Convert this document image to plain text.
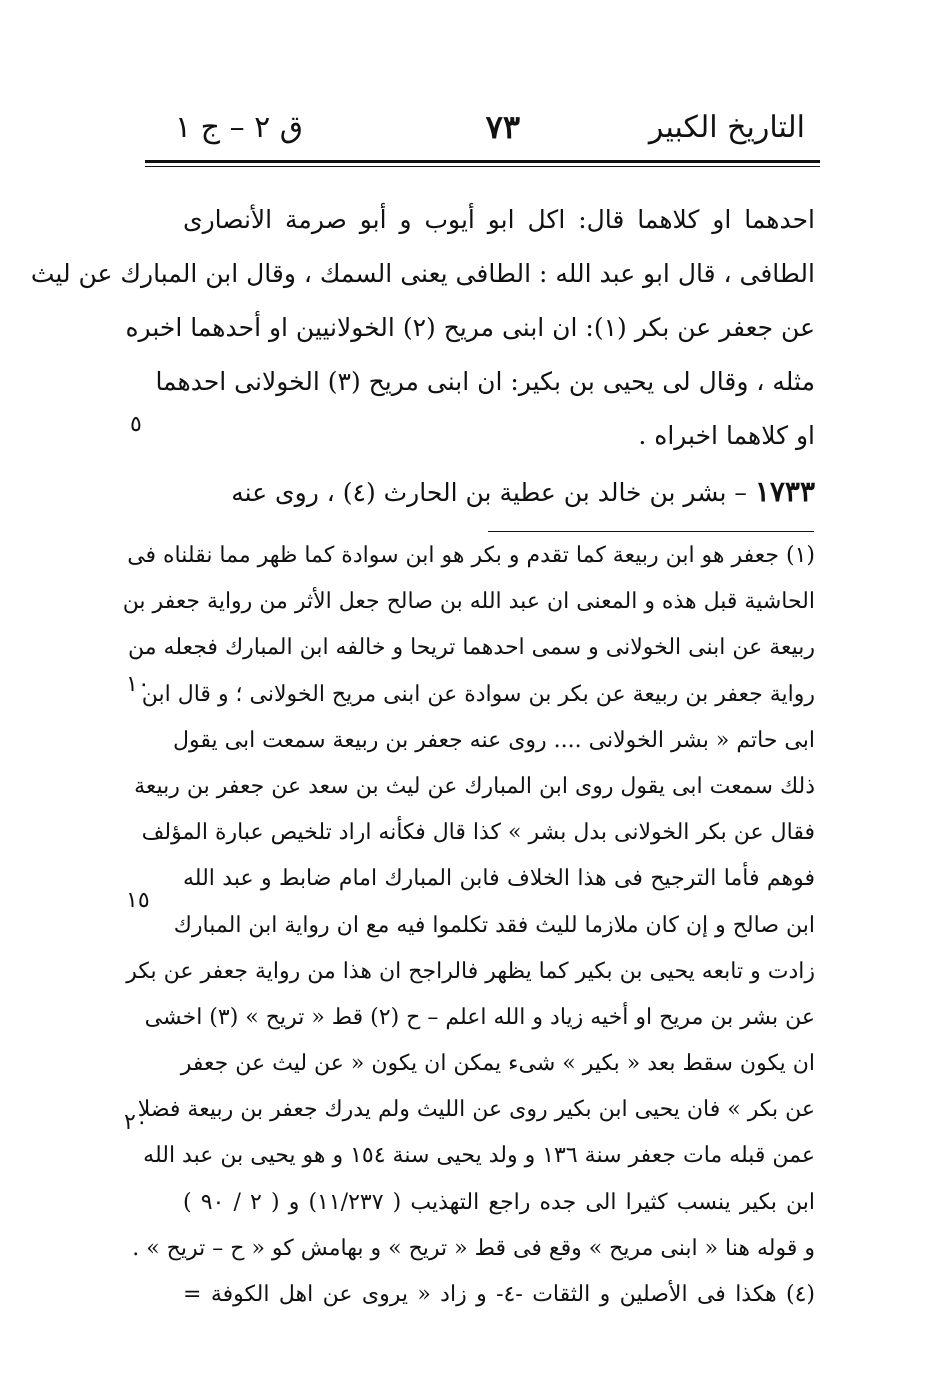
التاريخ الكبير
٧٣
ق ٢ – ج ١
احدهما او كلاهما قال: اكل ابو أيوب و أبو صرمة الأنصارى
الطافى ، قال ابو عبد الله : الطافى يعنى السمك ، وقال ابن المبارك عن ليث
عن جعفر عن بكر (١): ان ابنى مريح (٢) الخولانيين او أحدهما اخبره
مثله ، وقال لى يحيى بن بكير: ان ابنى مريح (٣) الخولانى احدهما
او كلاهما اخبراه .
١٧٣٣ – بشر بن خالد بن عطية بن الحارث (٤) ، روى عنه
(١) جعفر هو ابن ربيعة كما تقدم و بكر هو ابن سوادة كما ظهر مما نقلناه فى
الحاشية قبل هذه و المعنى ان عبد الله بن صالح جعل الأثر من رواية جعفر بن
ربيعة عن ابنى الخولانى و سمى احدهما تريحا و خالفه ابن المبارك فجعله من
رواية جعفر بن ربيعة عن بكر بن سوادة عن ابنى مريح الخولانى ؛ و قال ابن
ابى حاتم « بشر الخولانى .... روى عنه جعفر بن ربيعة سمعت ابى يقول
ذلك سمعت ابى يقول روى ابن المبارك عن ليث بن سعد عن جعفر بن ربيعة
فقال عن بكر الخولانى بدل بشر » كذا قال فكأنه اراد تلخيص عبارة المؤلف
فوهم فأما الترجيح فى هذا الخلاف فابن المبارك امام ضابط و عبد الله
ابن صالح و إن كان ملازما لليث فقد تكلموا فيه مع ان رواية ابن المبارك
زادت و تابعه يحيى بن بكير كما يظهر فالراجح ان هذا من رواية جعفر عن بكر
عن بشر بن مريح او أخيه زياد و الله اعلم – ح (٢) قط « تريح » (٣) اخشى
ان يكون سقط بعد « بكير » شىء يمكن ان يكون « عن ليث عن جعفر
عن بكر » فان يحيى ابن بكير روى عن الليث ولم يدرك جعفر بن ربيعة فضلا
عمن قبله مات جعفر سنة ١٣٦ و ولد يحيى سنة ١٥٤ و هو يحيى بن عبد الله
ابن بكير ينسب كثيرا الى جده راجع التهذيب ( ١١/٢٣٧) و ( ٢ / ٩٠ )
و قوله هنا « ابنى مريح » وقع فى قط « تريح » و بهامش كو « ح – تريح » .
(٤) هكذا فى الأصلين و الثقات -٤- و زاد « يروى عن اهل الكوفة =
٥
١٠
١٥
٢٠
